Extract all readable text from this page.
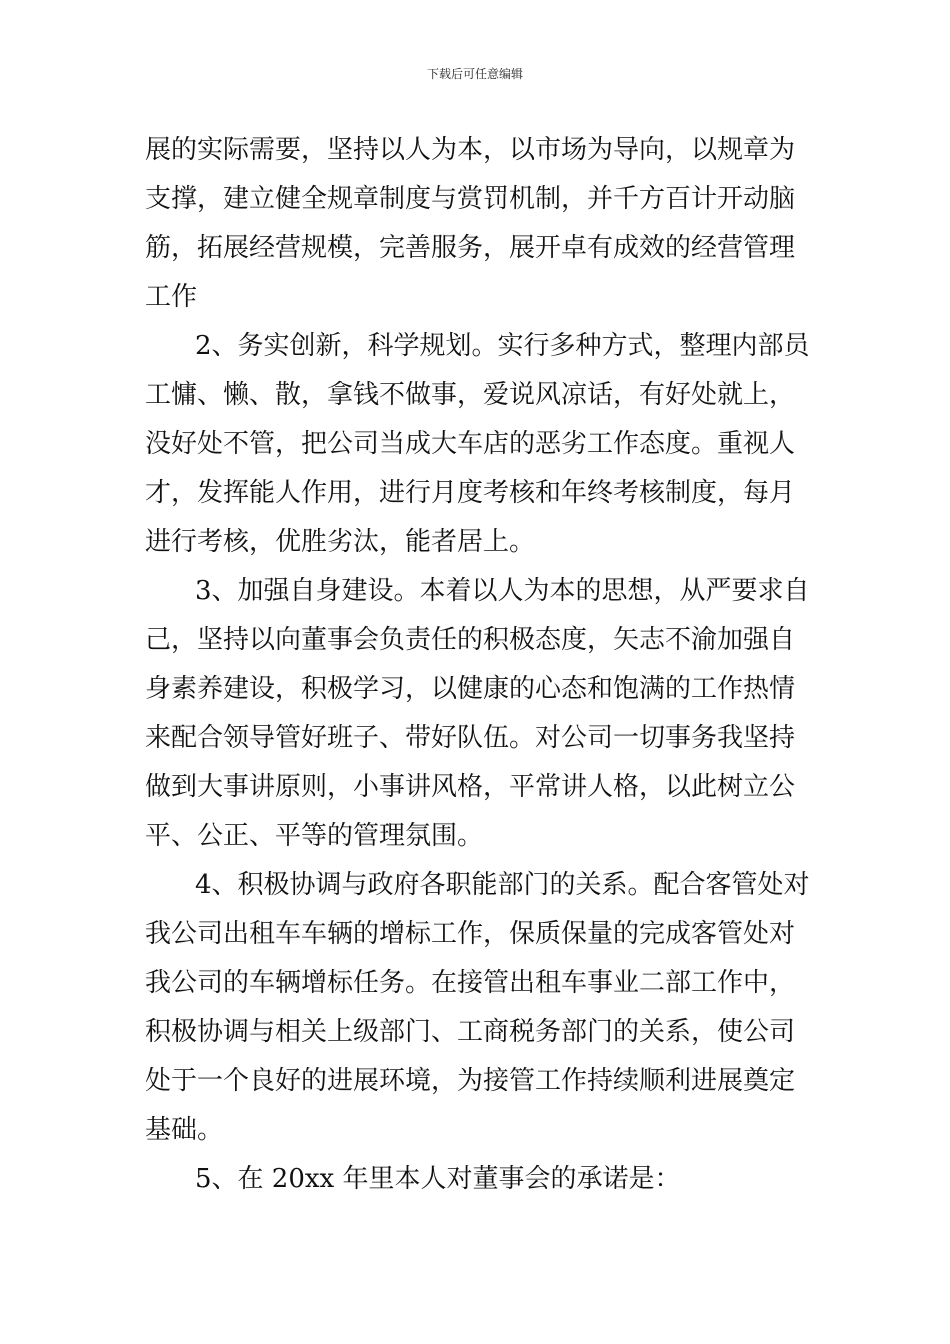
下载后可任意编辑
展的实际需要，坚持以人为本，以市场为导向，以规章为
支撑，建立健全规章制度与赏罚机制，并千方百计开动脑
筋，拓展经营规模，完善服务，展开卓有成效的经营管理
工作
2、务实创新，科学规划。实行多种方式，整理内部员
工慵、懒、散，拿钱不做事，爱说风凉话，有好处就上，
没好处不管，把公司当成大车店的恶劣工作态度。重视人
才，发挥能人作用，进行月度考核和年终考核制度，每月
进行考核，优胜劣汰，能者居上。
3、加强自身建设。本着以人为本的思想，从严要求自
己，坚持以向董事会负责任的积极态度，矢志不渝加强自
身素养建设，积极学习，以健康的心态和饱满的工作热情
来配合领导管好班子、带好队伍。对公司一切事务我坚持
做到大事讲原则，小事讲风格，平常讲人格，以此树立公
平、公正、平等的管理氛围。
4、积极协调与政府各职能部门的关系。配合客管处对
我公司出租车车辆的增标工作，保质保量的完成客管处对
我公司的车辆增标任务。在接管出租车事业二部工作中，
积极协调与相关上级部门、工商税务部门的关系，使公司
处于一个良好的进展环境，为接管工作持续顺利进展奠定
基础。
5、在 20xx 年里本人对董事会的承诺是：
